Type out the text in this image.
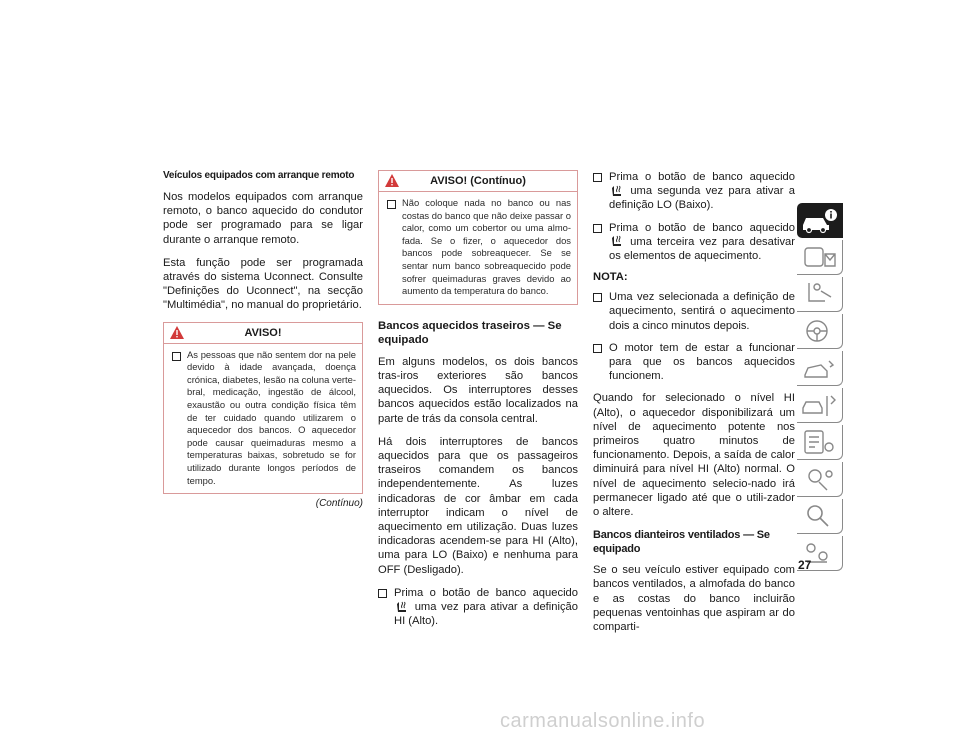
Veículos equipados com arranque remoto

Nos modelos equipados com arranque remoto, o banco aquecido do condutor pode ser programado para se ligar durante o arranque remoto.

Esta função pode ser programada através do sistema Uconnect. Consulte "Definições do Uconnect", na secção "Multimédia", no manual do proprietário.

AVISO!
As pessoas que não sentem dor na pele devido à idade avançada, doença crónica, diabetes, lesão na coluna verte-bral, medicação, ingestão de álcool, exaustão ou outra condição física têm de ter cuidado quando utilizarem o aquecedor dos bancos. O aquecedor pode causar queimaduras mesmo a temperaturas baixas, sobretudo se for utilizado durante longos períodos de tempo.
(Contínuo)
AVISO! (Contínuo)
Não coloque nada no banco ou nas costas do banco que não deixe passar o calor, como um cobertor ou uma almo-fada. Se o fizer, o aquecedor dos bancos pode sobreaquecer. Se se sentar num banco sobreaquecido pode sofrer queimaduras graves devido ao aumento da temperatura do banco.
Bancos aquecidos traseiros — Se equipado

Em alguns modelos, os dois bancos tras-iros exteriores são bancos aquecidos. Os interruptores desses bancos aquecidos estão localizados na parte de trás da consola central.

Há dois interruptores de bancos aquecidos para que os passageiros traseiros comandem os bancos independentemente. As luzes indicadoras de cor âmbar em cada interruptor indicam o nível de aquecimento em utilização. Duas luzes indicadoras acendem-se para HI (Alto), uma para LO (Baixo) e nenhuma para OFF (Desligado).

Prima o botão de banco aquecido  uma vez para ativar a definição HI (Alto).
Prima o botão de banco aquecido  uma segunda vez para ativar a definição LO (Baixo).
Prima o botão de banco aquecido  uma terceira vez para desativar os elementos de aquecimento.
NOTA:
Uma vez selecionada a definição de aquecimento, sentirá o aquecimento dois a cinco minutos depois.
O motor tem de estar a funcionar para que os bancos aquecidos funcionem.

Quando for selecionado o nível HI (Alto), o aquecedor disponibilizará um nível de aquecimento potente nos primeiros quatro minutos de funcionamento. Depois, a saída de calor diminuirá para nível HI (Alto) normal. O nível de aquecimento selecio-nado irá permanecer ligado até que o utili-zador o altere.

Bancos dianteiros ventilados — Se equipado

Se o seu veículo estiver equipado com bancos ventilados, a almofada do banco e as costas do banco incluirão pequenas ventoinhas que aspiram ar do comparti-

27
carmanualsonline.info
